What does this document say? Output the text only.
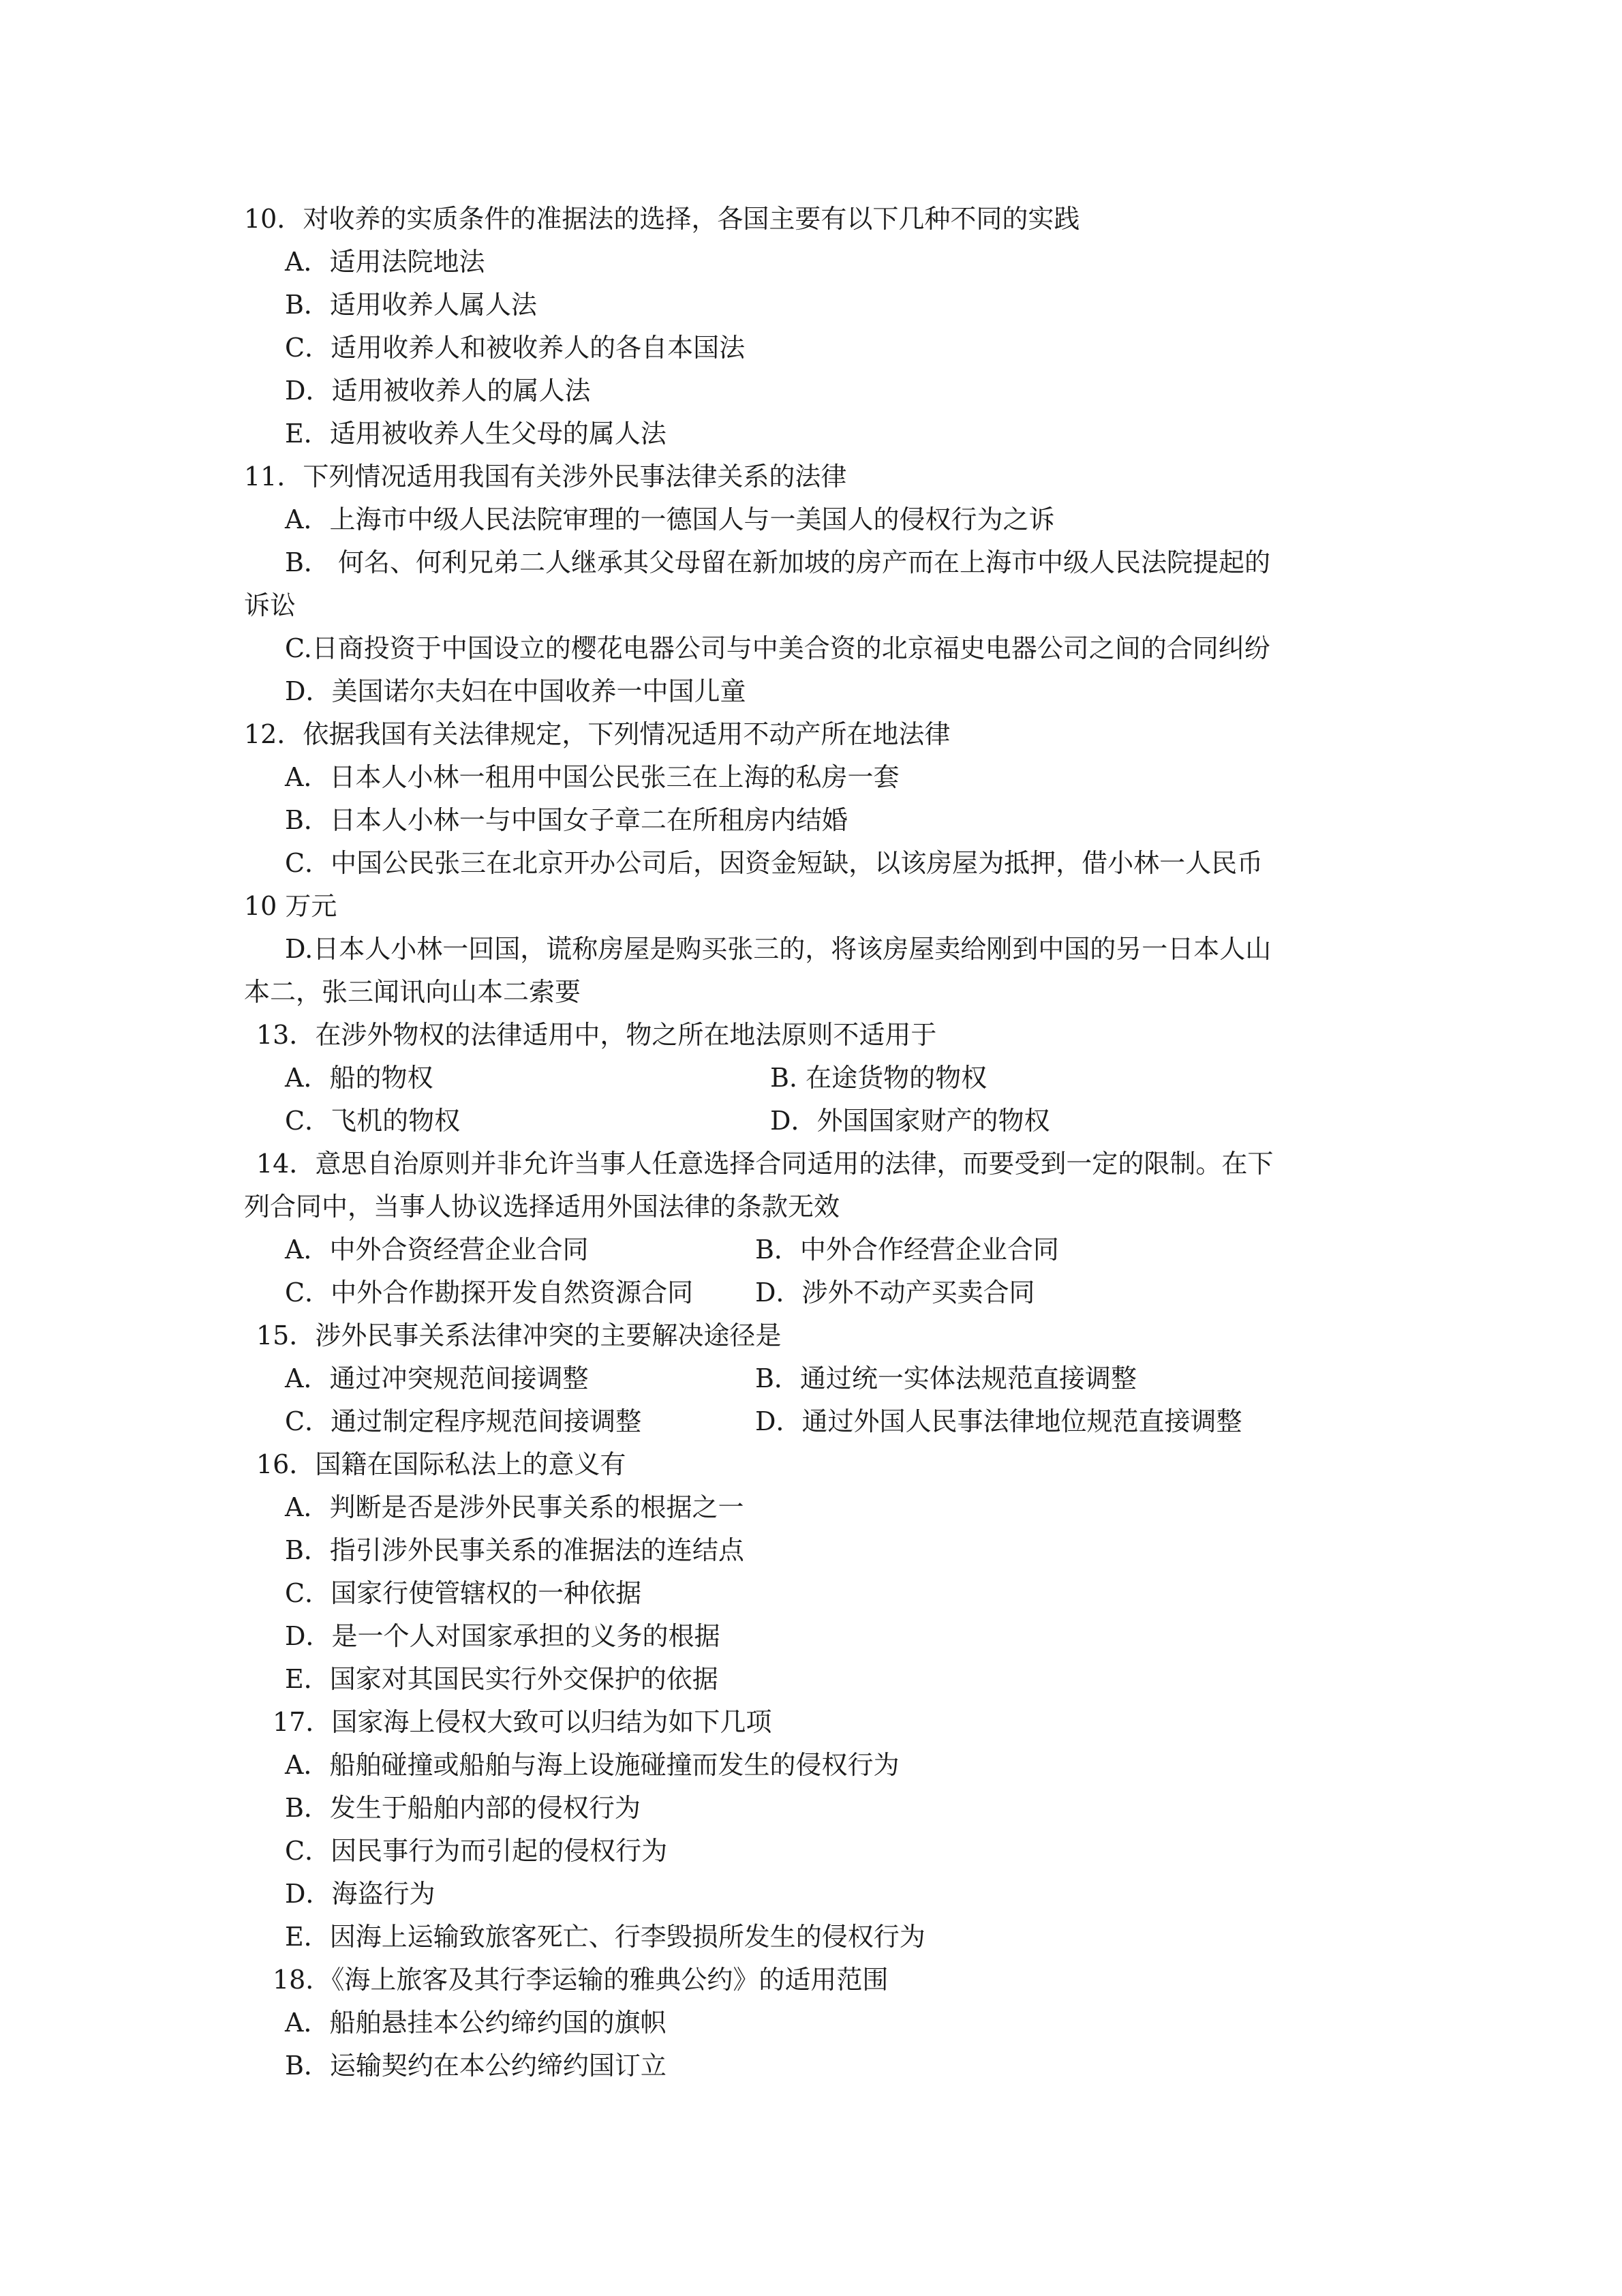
10．对收养的实质条件的准据法的选择，各国主要有以下几种不同的实践
A．适用法院地法
B．适用收养人属人法
C．适用收养人和被收养人的各自本国法
D．适用被收养人的属人法
E．适用被收养人生父母的属人法
11．下列情况适用我国有关涉外民事法律关系的法律
A．上海市中级人民法院审理的一德国人与一美国人的侵权行为之诉
B． 何名、何利兄弟二人继承其父母留在新加坡的房产而在上海市中级人民法院提起的
诉讼
C.日商投资于中国设立的樱花电器公司与中美合资的北京福史电器公司之间的合同纠纷
D．美国诺尔夫妇在中国收养一中国儿童
12．依据我国有关法律规定，下列情况适用不动产所在地法律
A．日本人小林一租用中国公民张三在上海的私房一套
B．日本人小林一与中国女子章二在所租房内结婚
C．中国公民张三在北京开办公司后，因资金短缺，以该房屋为抵押，借小林一人民币
10 万元
D.日本人小林一回国，谎称房屋是购买张三的，将该房屋卖给刚到中国的另一日本人山
本二，张三闻讯向山本二索要
13．在涉外物权的法律适用中，物之所在地法原则不适用于
A．船的物权	B. 在途货物的物权
C．飞机的物权	D．外国国家财产的物权
14．意思自治原则并非允许当事人任意选择合同适用的法律，而要受到一定的限制。在下
列合同中，当事人协议选择适用外国法律的条款无效
A．中外合资经营企业合同	B．中外合作经营企业合同
C．中外合作勘探开发自然资源合同 D．涉外不动产买卖合同
15．涉外民事关系法律冲突的主要解决途径是
A．通过冲突规范间接调整	B．通过统一实体法规范直接调整
C．通过制定程序规范间接调整	D．通过外国人民事法律地位规范直接调整
16．国籍在国际私法上的意义有
A．判断是否是涉外民事关系的根据之一
B．指引涉外民事关系的准据法的连结点
C．国家行使管辖权的一种依据
D．是一个人对国家承担的义务的根据
E．国家对其国民实行外交保护的依据
17．国家海上侵权大致可以归结为如下几项
A．船舶碰撞或船舶与海上设施碰撞而发生的侵权行为
B．发生于船舶内部的侵权行为
C．因民事行为而引起的侵权行为
D．海盗行为
E．因海上运输致旅客死亡、行李毁损所发生的侵权行为
18．《海上旅客及其行李运输的雅典公约》的适用范围
A．船舶悬挂本公约缔约国的旗帜
B．运输契约在本公约缔约国订立
